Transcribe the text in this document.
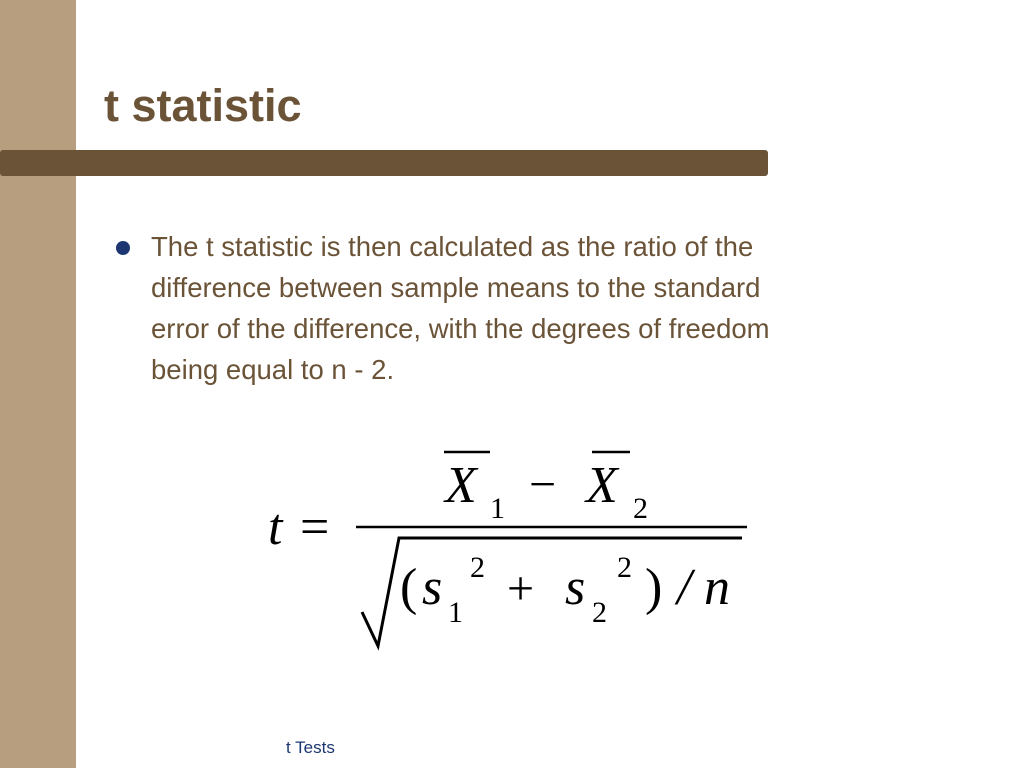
t statistic

The t statistic is then calculated as the ratio of the
difference between sample means to the standard
error of the difference, with the degrees of freedom
being equal to n - 2.

t =
X 1 − X 2
( s 1
2 + s 2
2 ) / n
t Tests
